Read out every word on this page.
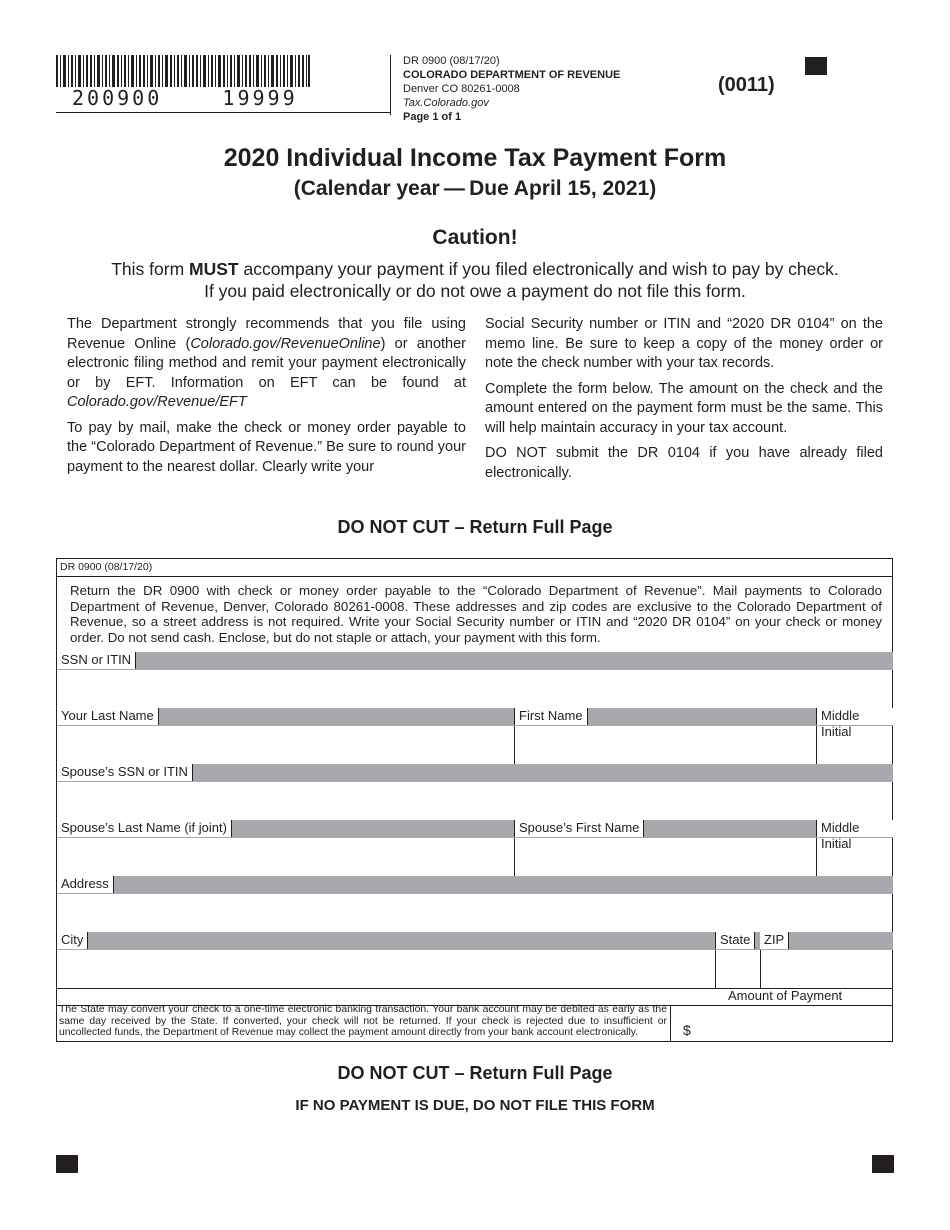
200900    19999
DR 0900 (08/17/20)
COLORADO DEPARTMENT OF REVENUE
Denver CO 80261-0008
Tax.Colorado.gov
Page 1 of 1
(0011)
2020 Individual Income Tax Payment Form
(Calendar year — Due April 15, 2021)
Caution!
This form MUST accompany your payment if you filed electronically and wish to pay by check.
If you paid electronically or do not owe a payment do not file this form.

The Department strongly recommends that you file using Revenue Online (Colorado.gov/RevenueOnline) or another electronic filing method and remit your payment electronically or by EFT. Information on EFT can be found at Colorado.gov/Revenue/EFT

To pay by mail, make the check or money order payable to the “Colorado Department of Revenue.” Be sure to round your payment to the nearest dollar. Clearly write your

Social Security number or ITIN and “2020 DR 0104” on the memo line. Be sure to keep a copy of the money order or note the check number with your tax records.

Complete the form below. The amount on the check and the amount entered on the payment form must be the same. This will help maintain accuracy in your tax account.

DO NOT submit the DR 0104 if you have already filed electronically.

DO NOT CUT – Return Full Page
DR 0900 (08/17/20)
Return the DR 0900 with check or money order payable to the “Colorado Department of Revenue”. Mail payments to Colorado Department of Revenue, Denver, Colorado 80261-0008. These addresses and zip codes are exclusive to the Colorado Department of Revenue, so a street address is not required. Write your Social Security number or ITIN and “2020 DR 0104” on your check or money order. Do not send cash. Enclose, but do not staple or attach, your payment with this form.
SSN or ITIN
Your Last Name	First Name	Middle Initial
Spouse’s SSN or ITIN
Spouse’s Last Name (if joint)	Spouse’s First Name	Middle Initial
Address
City	State	ZIP
Amount of Payment
The State may convert your check to a one-time electronic banking transaction. Your bank account may be debited as early as the same day received by the State. If converted, your check will not be returned. If your check is rejected due to insufficient or uncollected funds, the Department of Revenue may collect the payment amount directly from your bank account electronically.	$
DO NOT CUT – Return Full Page
IF NO PAYMENT IS DUE, DO NOT FILE THIS FORM
